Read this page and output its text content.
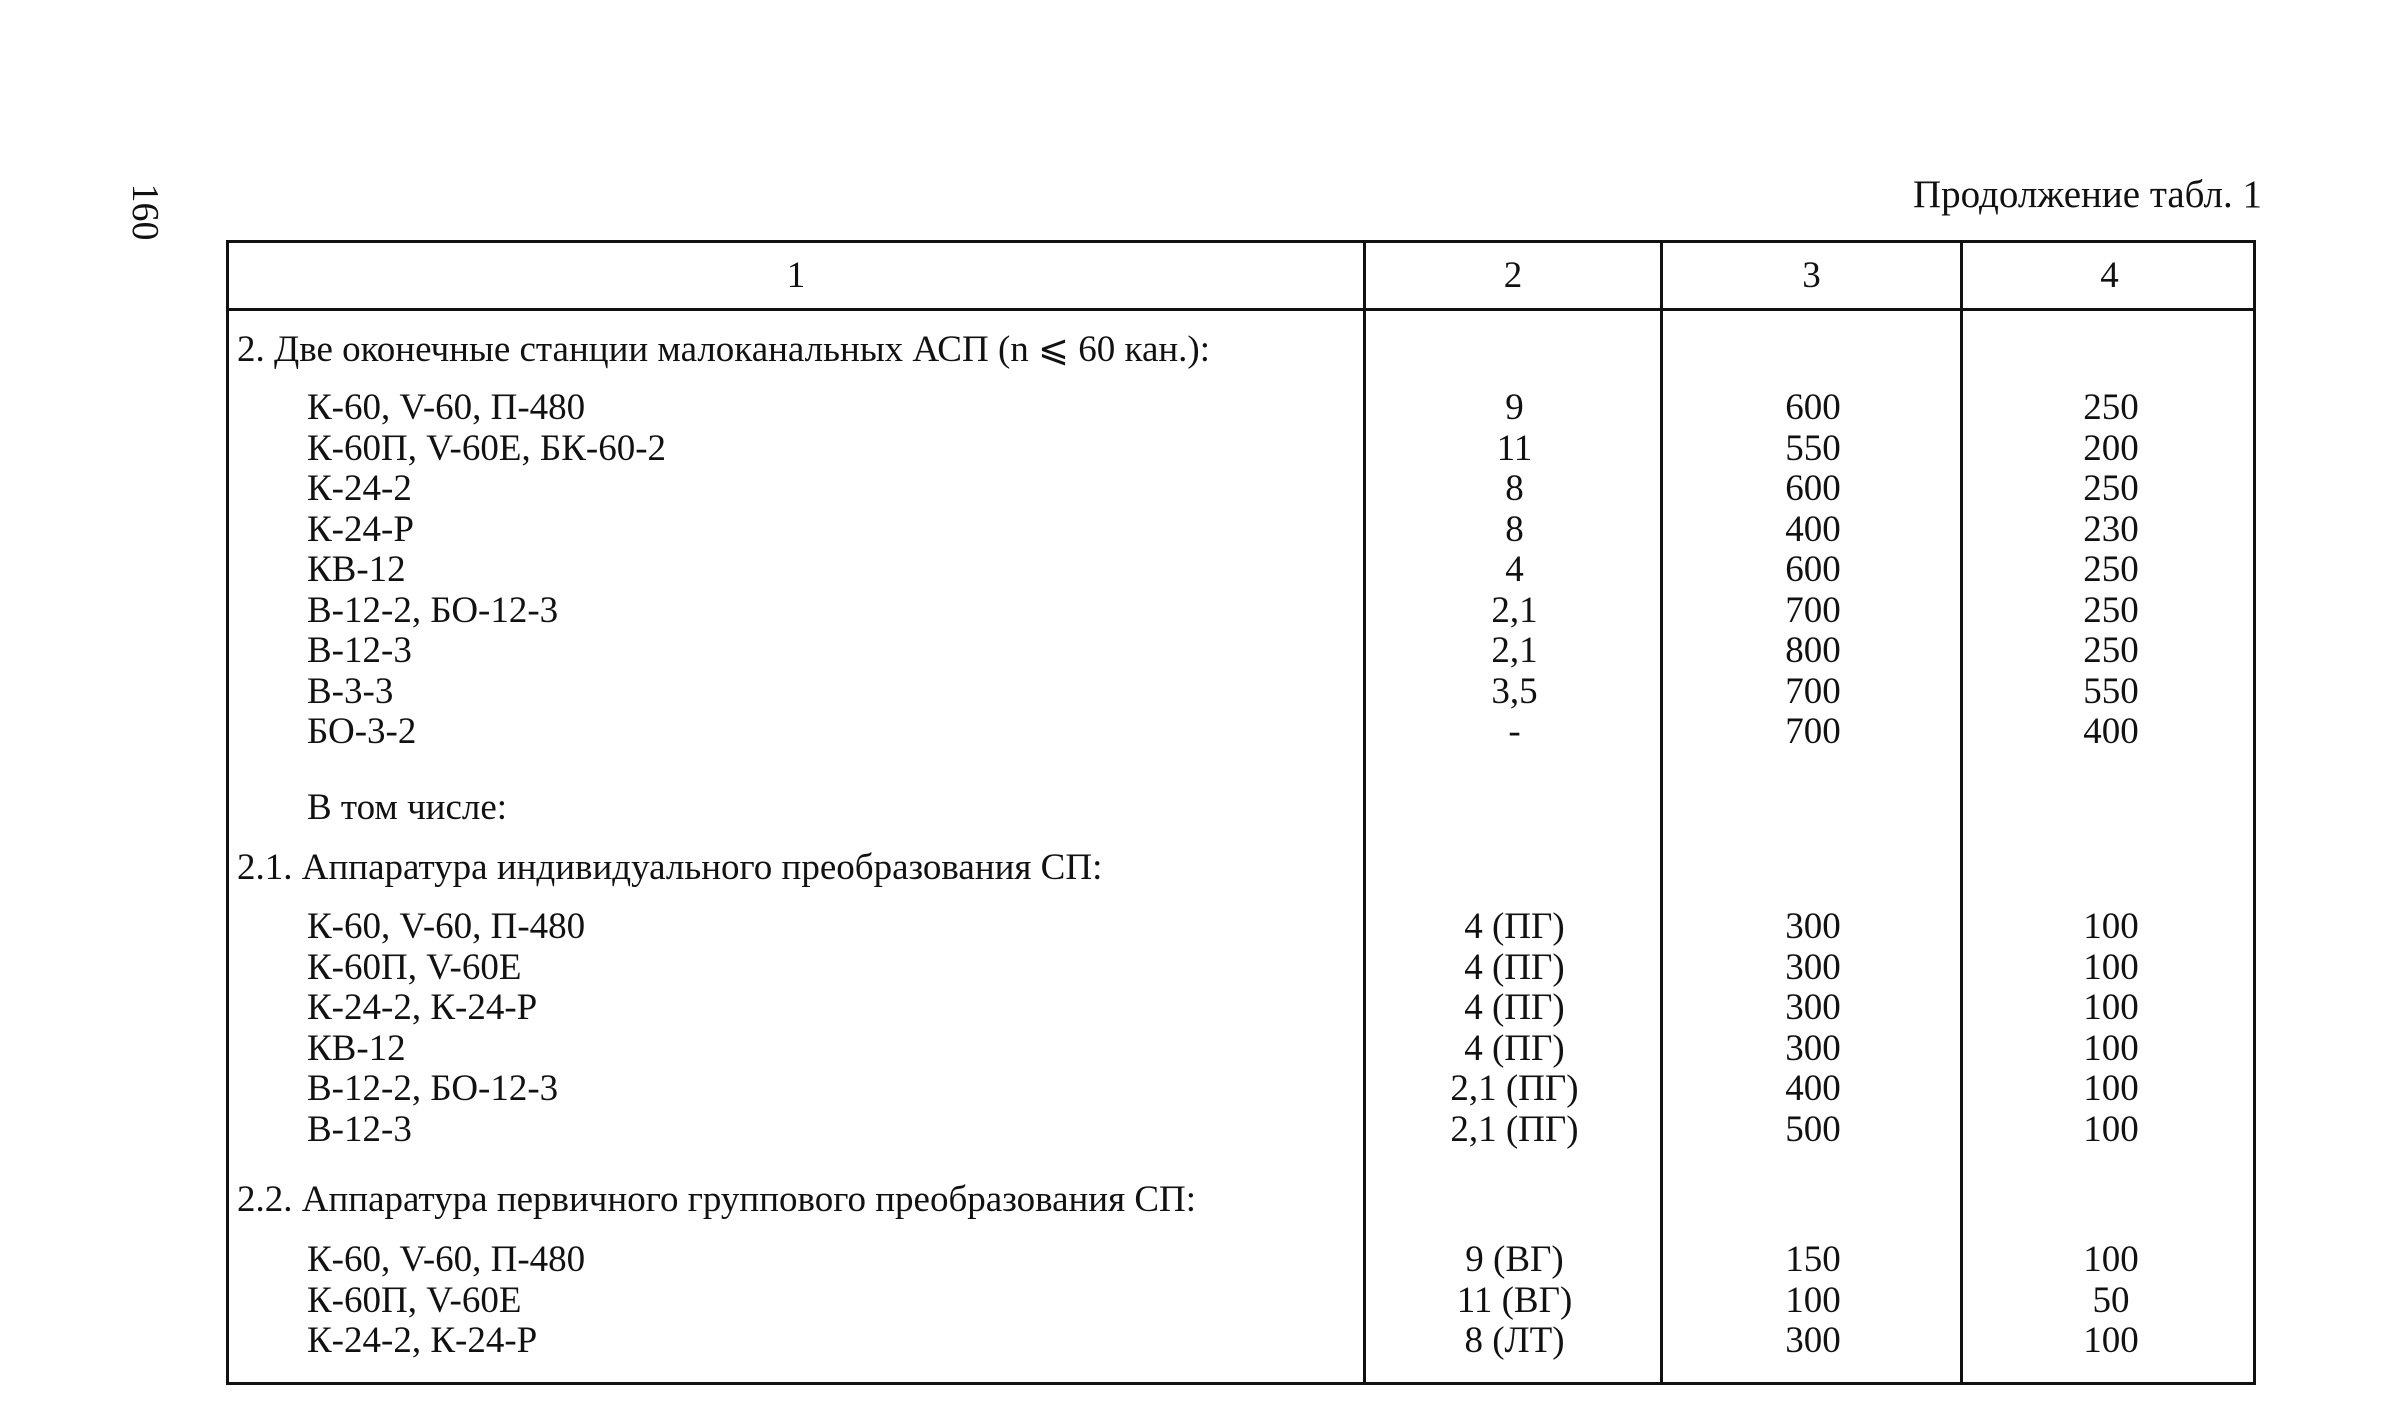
160	Продолжение табл. 1
1	2	3	4
2. Две оконечные станции малоканальных АСП (n ⩽ 60 кан.):
К-60, V-60, П-480	9	600	250
К-60П, V-60Е, БК-60-2	11	550	200
К-24-2	8	600	250
К-24-Р	8	400	230
КВ-12	4	600	250
В-12-2, БО-12-3	2,1	700	250
В-12-3	2,1	800	250
В-3-3	3,5	700	550
БО-3-2	-	700	400
В том числе:
2.1. Аппаратура индивидуального преобразования СП:
К-60, V-60, П-480	4 (ПГ)	300	100
К-60П, V-60Е	4 (ПГ)	300	100
К-24-2, К-24-Р	4 (ПГ)	300	100
КВ-12	4 (ПГ)	300	100
В-12-2, БО-12-3	2,1 (ПГ)	400	100
В-12-3	2,1 (ПГ)	500	100
2.2. Аппаратура первичного группового преобразования СП:
К-60, V-60, П-480	9 (ВГ)	150	100
К-60П, V-60Е	11 (ВГ)	100	50
К-24-2, К-24-Р	8 (ЛТ)	300	100
